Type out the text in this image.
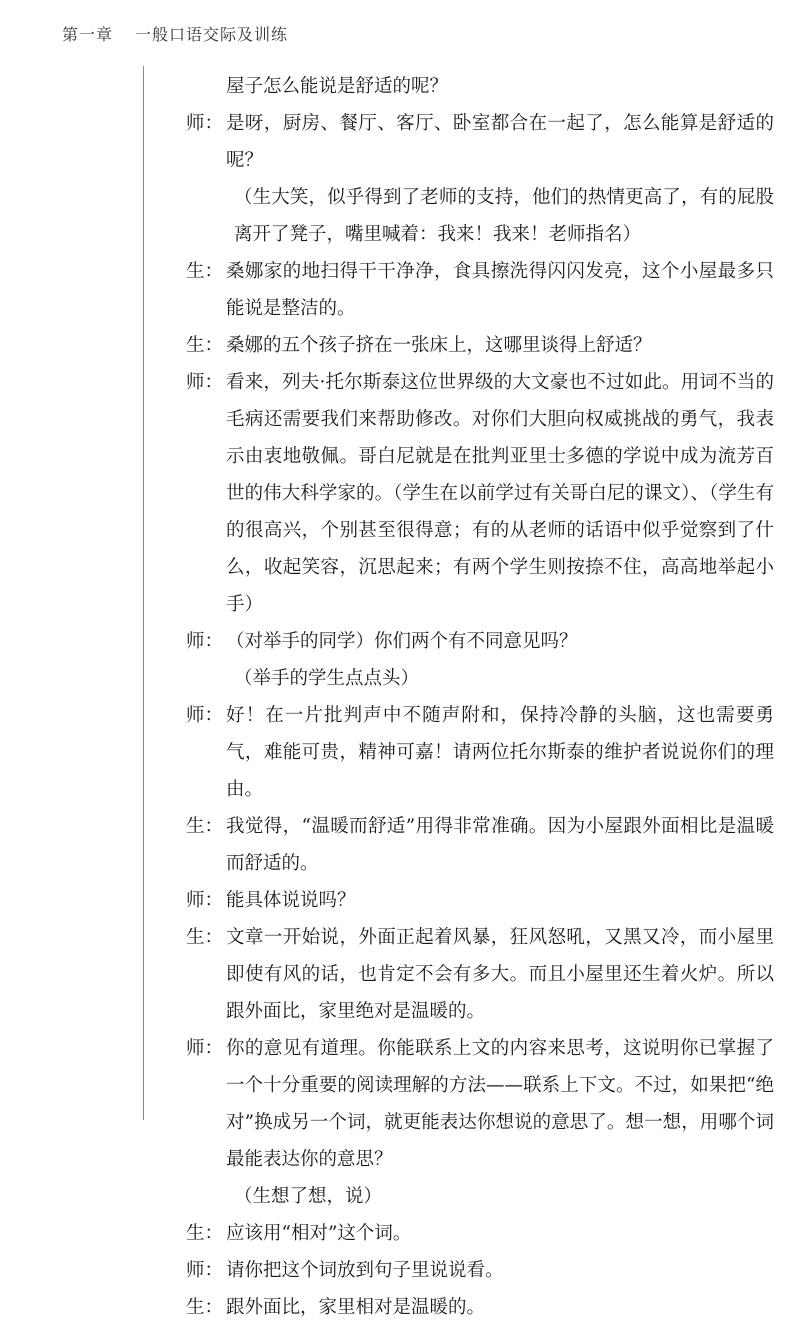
第一章 一般口语交际及训练

屋子怎么能说是舒适的呢？

师： 是呀，厨房、餐厅、客厅、卧室都合在一起了，怎么能算是舒适的呢？

（生大笑，似乎得到了老师的支持，他们的热情更高了，有的屁股离开了凳子，嘴里喊着：我来！我来！老师指名）

生： 桑娜家的地扫得干干净净，食具擦洗得闪闪发亮，这个小屋最多只能说是整洁的。

生： 桑娜的五个孩子挤在一张床上，这哪里谈得上舒适？

师： 看来，列夫·托尔斯泰这位世界级的大文豪也不过如此。用词不当的毛病还需要我们来帮助修改。对你们大胆向权威挑战的勇气，我表示由衷地敬佩。哥白尼就是在批判亚里士多德的学说中成为流芳百世的伟大科学家的。（学生在以前学过有关哥白尼的课文）、（学生有的很高兴，个别甚至很得意；有的从老师的话语中似乎觉察到了什么，收起笑容，沉思起来；有两个学生则按捺不住，高高地举起小手）

师： （对举手的同学）你们两个有不同意见吗？

（举手的学生点点头）

师： 好！在一片批判声中不随声附和，保持冷静的头脑，这也需要勇气，难能可贵，精神可嘉！请两位托尔斯泰的维护者说说你们的理由。

生： 我觉得，“温暖而舒适”用得非常准确。因为小屋跟外面相比是温暖而舒适的。

师： 能具体说说吗？

生： 文章一开始说，外面正起着风暴，狂风怒吼，又黑又冷，而小屋里即使有风的话，也肯定不会有多大。而且小屋里还生着火炉。所以跟外面比，家里绝对是温暖的。

师： 你的意见有道理。你能联系上文的内容来思考，这说明你已掌握了一个十分重要的阅读理解的方法——联系上下文。不过，如果把“绝对”换成另一个词，就更能表达你想说的意思了。想一想，用哪个词最能表达你的意思？

（生想了想，说）

生： 应该用“相对”这个词。

师： 请你把这个词放到句子里说说看。

生： 跟外面比，家里相对是温暖的。
